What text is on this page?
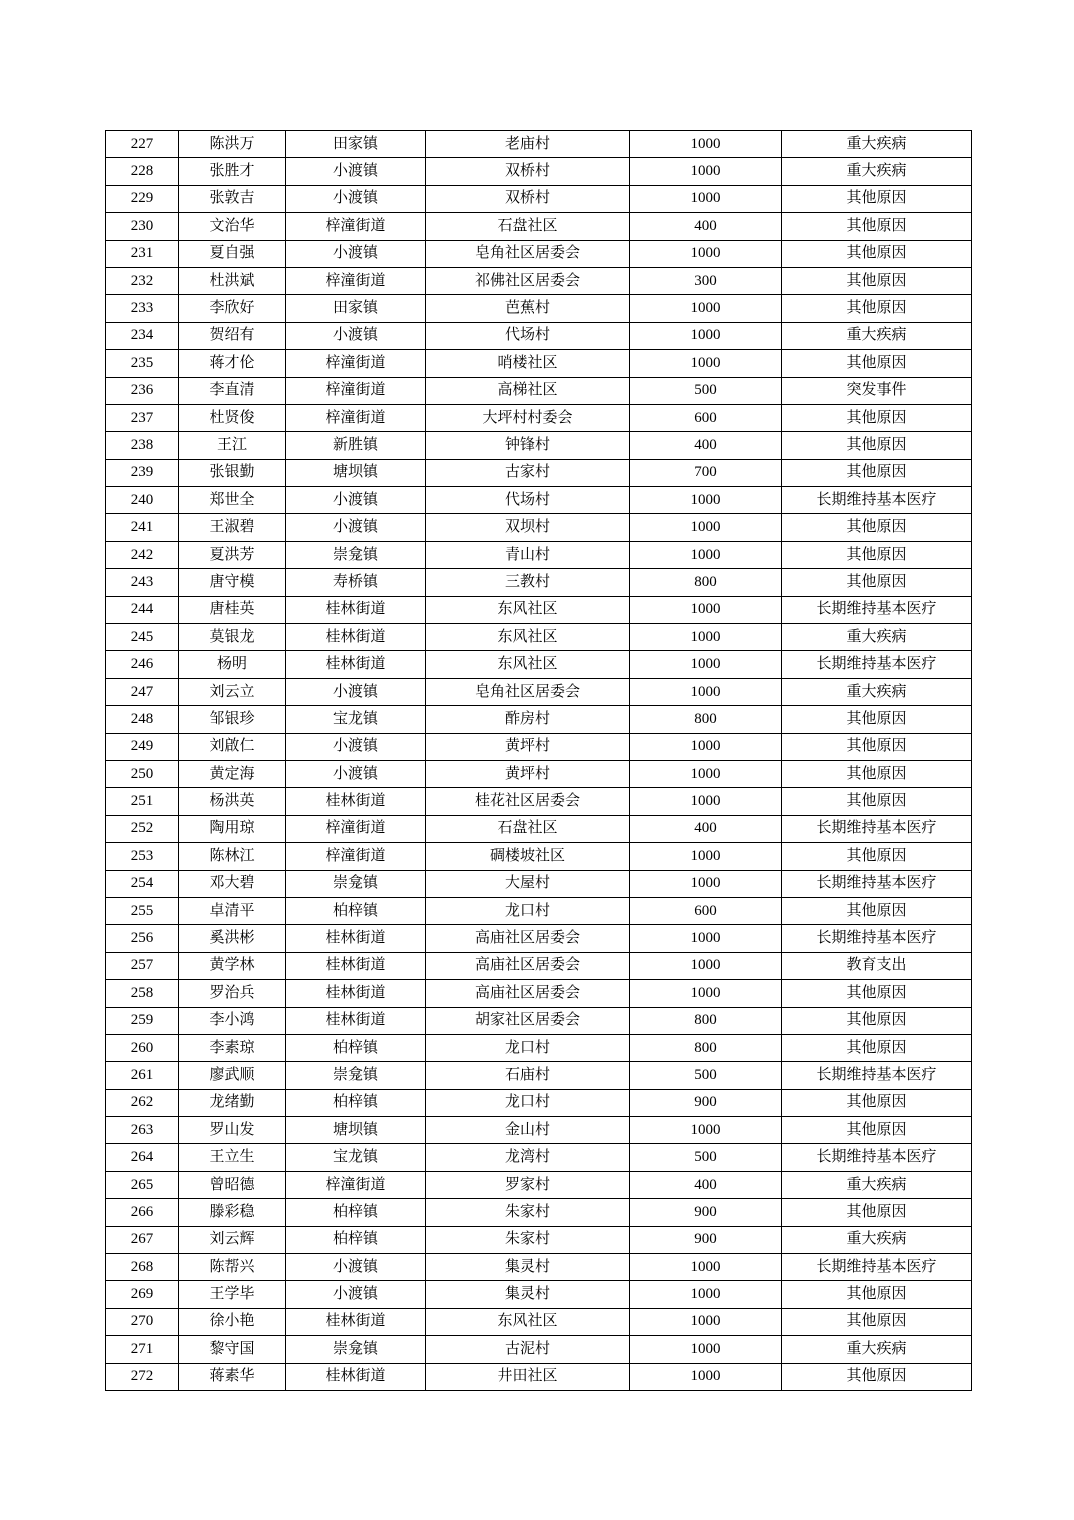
227	陈洪万	田家镇	老庙村	1000	重大疾病
228	张胜才	小渡镇	双桥村	1000	重大疾病
229	张敦吉	小渡镇	双桥村	1000	其他原因
230	文治华	梓潼街道	石盘社区	400	其他原因
231	夏自强	小渡镇	皂角社区居委会	1000	其他原因
232	杜洪斌	梓潼街道	祁佛社区居委会	300	其他原因
233	李欣好	田家镇	芭蕉村	1000	其他原因
234	贺绍有	小渡镇	代场村	1000	重大疾病
235	蒋才伦	梓潼街道	哨楼社区	1000	其他原因
236	李直清	梓潼街道	高梯社区	500	突发事件
237	杜贤俊	梓潼街道	大坪村村委会	600	其他原因
238	王江	新胜镇	钟锋村	400	其他原因
239	张银勤	塘坝镇	古家村	700	其他原因
240	郑世全	小渡镇	代场村	1000	长期维持基本医疗
241	王淑碧	小渡镇	双坝村	1000	其他原因
242	夏洪芳	崇龛镇	青山村	1000	其他原因
243	唐守模	寿桥镇	三教村	800	其他原因
244	唐桂英	桂林街道	东风社区	1000	长期维持基本医疗
245	莫银龙	桂林街道	东风社区	1000	重大疾病
246	杨明	桂林街道	东风社区	1000	长期维持基本医疗
247	刘云立	小渡镇	皂角社区居委会	1000	重大疾病
248	邹银珍	宝龙镇	酢房村	800	其他原因
249	刘啟仁	小渡镇	黄坪村	1000	其他原因
250	黄定海	小渡镇	黄坪村	1000	其他原因
251	杨洪英	桂林街道	桂花社区居委会	1000	其他原因
252	陶用琼	梓潼街道	石盘社区	400	长期维持基本医疗
253	陈林江	梓潼街道	碉楼坡社区	1000	其他原因
254	邓大碧	崇龛镇	大屋村	1000	长期维持基本医疗
255	卓清平	柏梓镇	龙口村	600	其他原因
256	奚洪彬	桂林街道	高庙社区居委会	1000	长期维持基本医疗
257	黄学林	桂林街道	高庙社区居委会	1000	教育支出
258	罗治兵	桂林街道	高庙社区居委会	1000	其他原因
259	李小鸿	桂林街道	胡家社区居委会	800	其他原因
260	李素琼	柏梓镇	龙口村	800	其他原因
261	廖武顺	崇龛镇	石庙村	500	长期维持基本医疗
262	龙绪勤	柏梓镇	龙口村	900	其他原因
263	罗山发	塘坝镇	金山村	1000	其他原因
264	王立生	宝龙镇	龙湾村	500	长期维持基本医疗
265	曾昭德	梓潼街道	罗家村	400	重大疾病
266	滕彩稳	柏梓镇	朱家村	900	其他原因
267	刘云辉	柏梓镇	朱家村	900	重大疾病
268	陈帮兴	小渡镇	集灵村	1000	长期维持基本医疗
269	王学毕	小渡镇	集灵村	1000	其他原因
270	徐小艳	桂林街道	东风社区	1000	其他原因
271	黎守国	崇龛镇	古泥村	1000	重大疾病
272	蒋素华	桂林街道	井田社区	1000	其他原因
